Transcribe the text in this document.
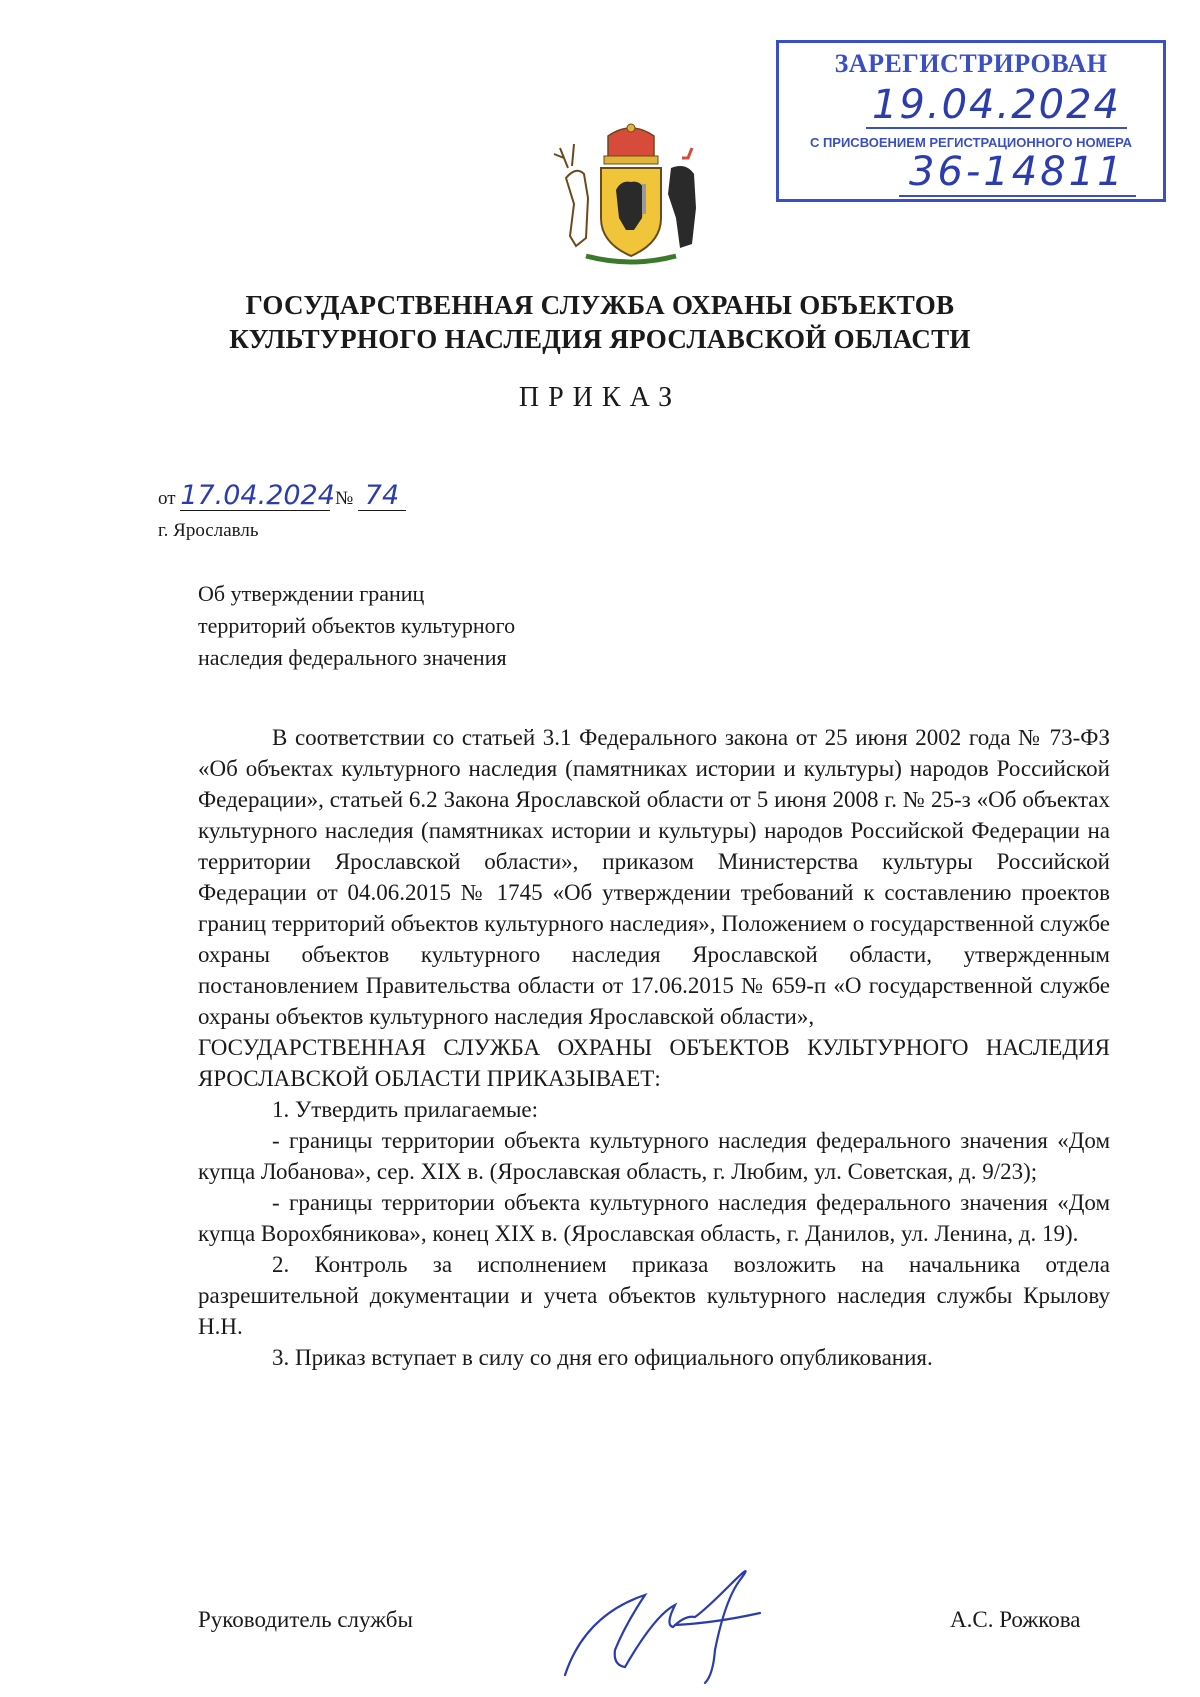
ЗАРЕГИСТРИРОВАН
19.04.2024
С ПРИСВОЕНИЕМ РЕГИСТРАЦИОННОГО НОМЕРА
36-14811
ГОСУДАРСТВЕННАЯ СЛУЖБА ОХРАНЫ ОБЪЕКТОВ
КУЛЬТУРНОГО НАСЛЕДИЯ ЯРОСЛАВСКОЙ ОБЛАСТИ
ПРИКАЗ
от 17.04.2024 № 74
г. Ярославль
Об утверждении границ
территорий объектов культурного
наследия федерального значения

В соответствии со статьей 3.1 Федерального закона от 25 июня 2002 года № 73-ФЗ «Об объектах культурного наследия (памятниках истории и культуры) народов Российской Федерации», статьей 6.2 Закона Ярославской области от 5 июня 2008 г. № 25-з «Об объектах культурного наследия (памятниках истории и культуры) народов Российской Федерации на территории Ярославской области», приказом Министерства культуры Российской Федерации от 04.06.2015 № 1745 «Об утверждении требований к составлению проектов границ территорий объектов культурного наследия», Положением о государственной службе охраны объектов культурного наследия Ярославской области, утвержденным постановлением Правительства области от 17.06.2015 № 659-п «О государственной службе охраны объектов культурного наследия Ярославской области»,

ГОСУДАРСТВЕННАЯ СЛУЖБА ОХРАНЫ ОБЪЕКТОВ КУЛЬТУРНОГО НАСЛЕДИЯ ЯРОСЛАВСКОЙ ОБЛАСТИ ПРИКАЗЫВАЕТ:

1. Утвердить прилагаемые:

- границы территории объекта культурного наследия федерального значения «Дом купца Лобанова», сер. XIX в. (Ярославская область, г. Любим, ул. Советская, д. 9/23);

- границы территории объекта культурного наследия федерального значения «Дом купца Ворохбяникова», конец XIX в. (Ярославская область, г. Данилов, ул. Ленина, д. 19).

2. Контроль за исполнением приказа возложить на начальника отдела разрешительной документации и учета объектов культурного наследия службы Крылову Н.Н.

3. Приказ вступает в силу со дня его официального опубликования.

Руководитель службы	А.С. Рожкова
